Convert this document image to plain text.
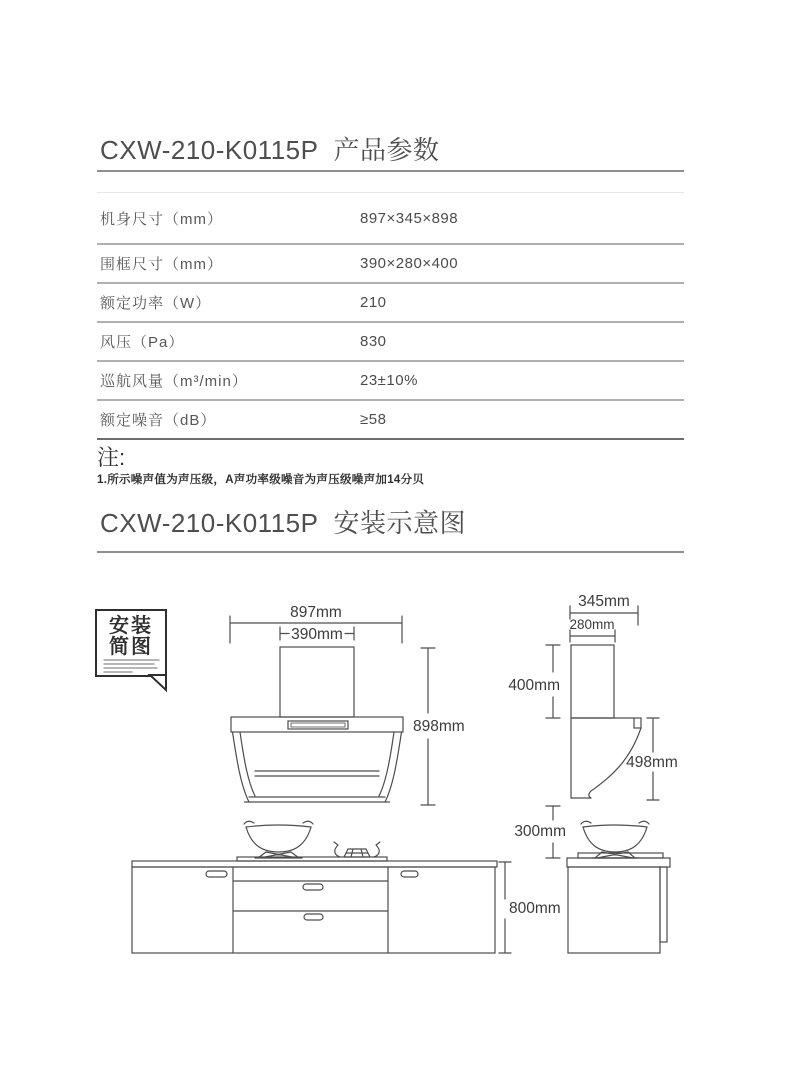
CXW-210-K0115P  产品参数
机身尺寸（mm）	897×345×898
围框尺寸（mm）	390×280×400
额定功率（W）	210
风压（Pa）	830
巡航风量（m³/min）	23±10%
额定噪音（dB）	≥58
注:
1.所示噪声值为声压级，A声功率级噪音为声压级噪声加14分贝
CXW-210-K0115P  安装示意图
安装
简图
897mm
390mm
898mm
800mm
345mm
280mm
400mm
498mm
300mm
